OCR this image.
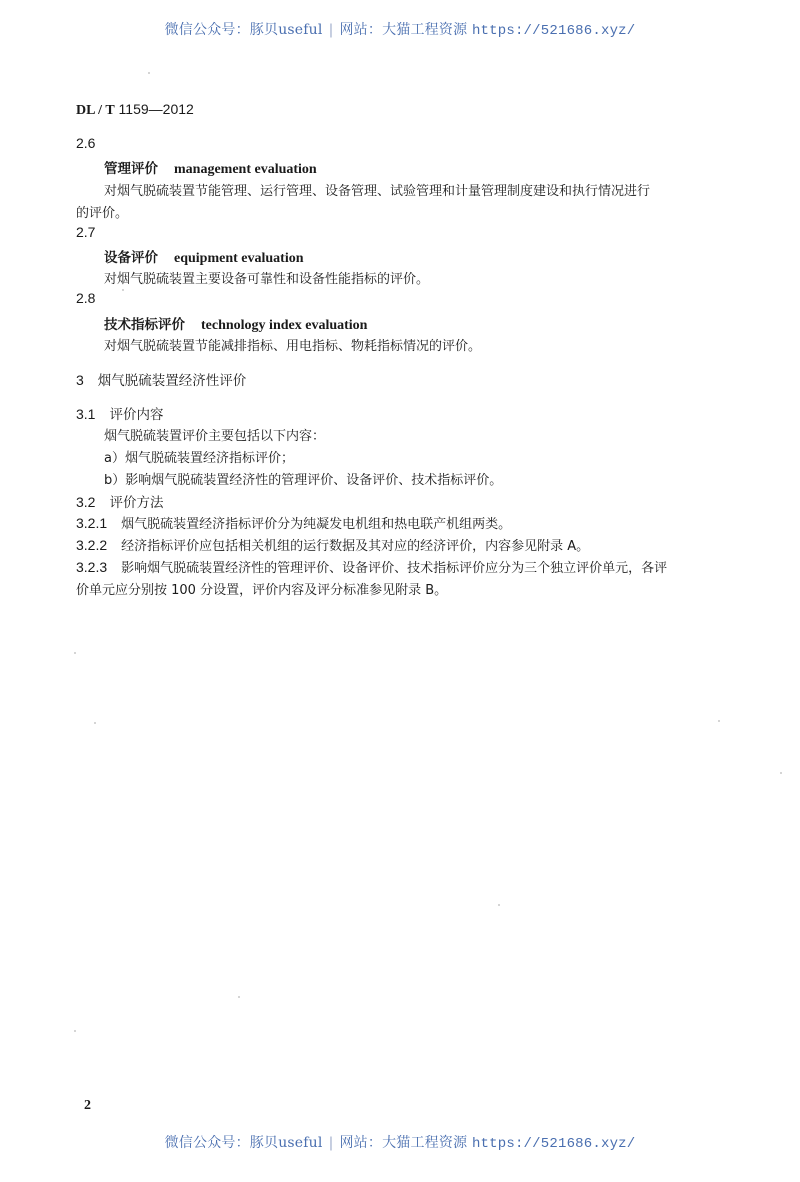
微信公众号：豚贝useful | 网站：大猫工程资源 https://521686.xyz/
DL / T 1159—2012
2.6
管理评价 management evaluation
对烟气脱硫装置节能管理、运行管理、设备管理、试验管理和计量管理制度建设和执行情况进行
的评价。
2.7
设备评价 equipment evaluation
对烟气脱硫装置主要设备可靠性和设备性能指标的评价。
2.8
技术指标评价 technology index evaluation
对烟气脱硫装置节能减排指标、用电指标、物耗指标情况的评价。
3 烟气脱硫装置经济性评价
3.1 评价内容
烟气脱硫装置评价主要包括以下内容：
a）烟气脱硫装置经济指标评价；
b）影响烟气脱硫装置经济性的管理评价、设备评价、技术指标评价。
3.2 评价方法
3.2.1 烟气脱硫装置经济指标评价分为纯凝发电机组和热电联产机组两类。
3.2.2 经济指标评价应包括相关机组的运行数据及其对应的经济评价，内容参见附录 A。
3.2.3 影响烟气脱硫装置经济性的管理评价、设备评价、技术指标评价应分为三个独立评价单元，各评
价单元应分别按 100 分设置，评价内容及评分标准参见附录 B。
2
微信公众号：豚贝useful | 网站：大猫工程资源 https://521686.xyz/
